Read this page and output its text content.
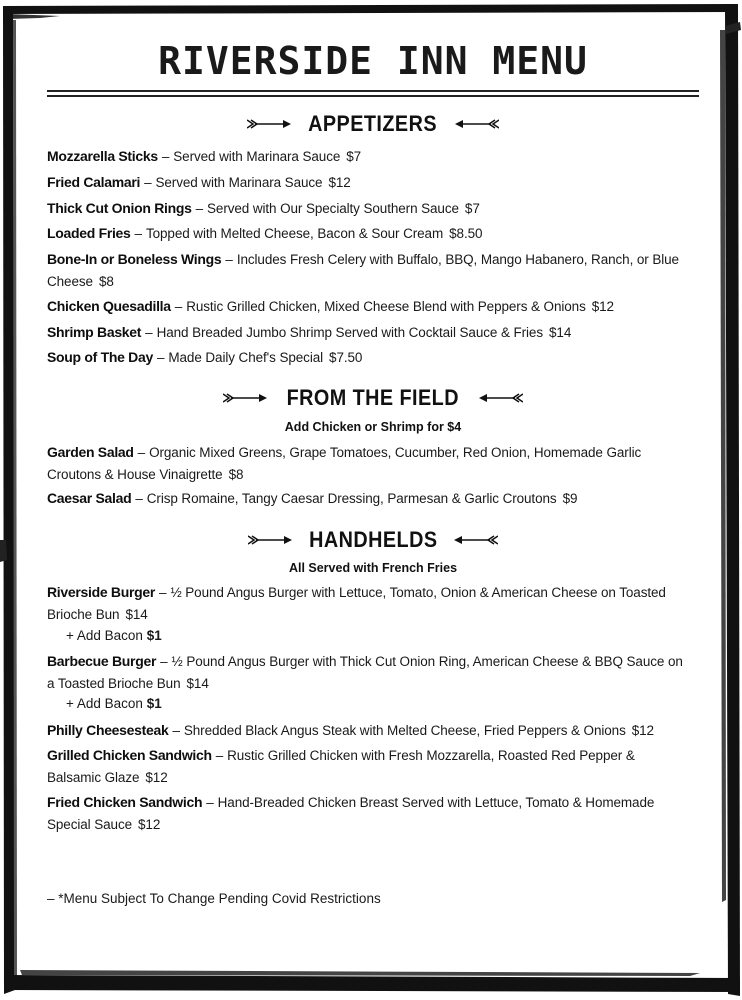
RIVERSIDE INN MENU
APPETIZERS
Mozzarella Sticks – Served with Marinara Sauce $7
Fried Calamari – Served with Marinara Sauce $12
Thick Cut Onion Rings – Served with Our Specialty Southern Sauce $7
Loaded Fries – Topped with Melted Cheese, Bacon & Sour Cream $8.50
Bone-In or Boneless Wings – Includes Fresh Celery with Buffalo, BBQ, Mango Habanero, Ranch, or Blue Cheese $8
Chicken Quesadilla – Rustic Grilled Chicken, Mixed Cheese Blend with Peppers & Onions $12
Shrimp Basket – Hand Breaded Jumbo Shrimp Served with Cocktail Sauce & Fries $14
Soup of The Day – Made Daily Chef's Special $7.50
FROM THE FIELD
Add Chicken or Shrimp for $4
Garden Salad – Organic Mixed Greens, Grape Tomatoes, Cucumber, Red Onion, Homemade Garlic Croutons & House Vinaigrette $8
Caesar Salad – Crisp Romaine, Tangy Caesar Dressing, Parmesan & Garlic Croutons $9
HANDHELDS
All Served with French Fries
Riverside Burger – ½ Pound Angus Burger with Lettuce, Tomato, Onion & American Cheese on Toasted Brioche Bun $14
+ Add Bacon $1
Barbecue Burger – ½ Pound Angus Burger with Thick Cut Onion Ring, American Cheese & BBQ Sauce on a Toasted Brioche Bun $14
+ Add Bacon $1
Philly Cheesesteak – Shredded Black Angus Steak with Melted Cheese, Fried Peppers & Onions $12
Grilled Chicken Sandwich – Rustic Grilled Chicken with Fresh Mozzarella, Roasted Red Pepper & Balsamic Glaze $12
Fried Chicken Sandwich – Hand-Breaded Chicken Breast Served with Lettuce, Tomato & Homemade Special Sauce $12
– *Menu Subject To Change Pending Covid Restrictions
